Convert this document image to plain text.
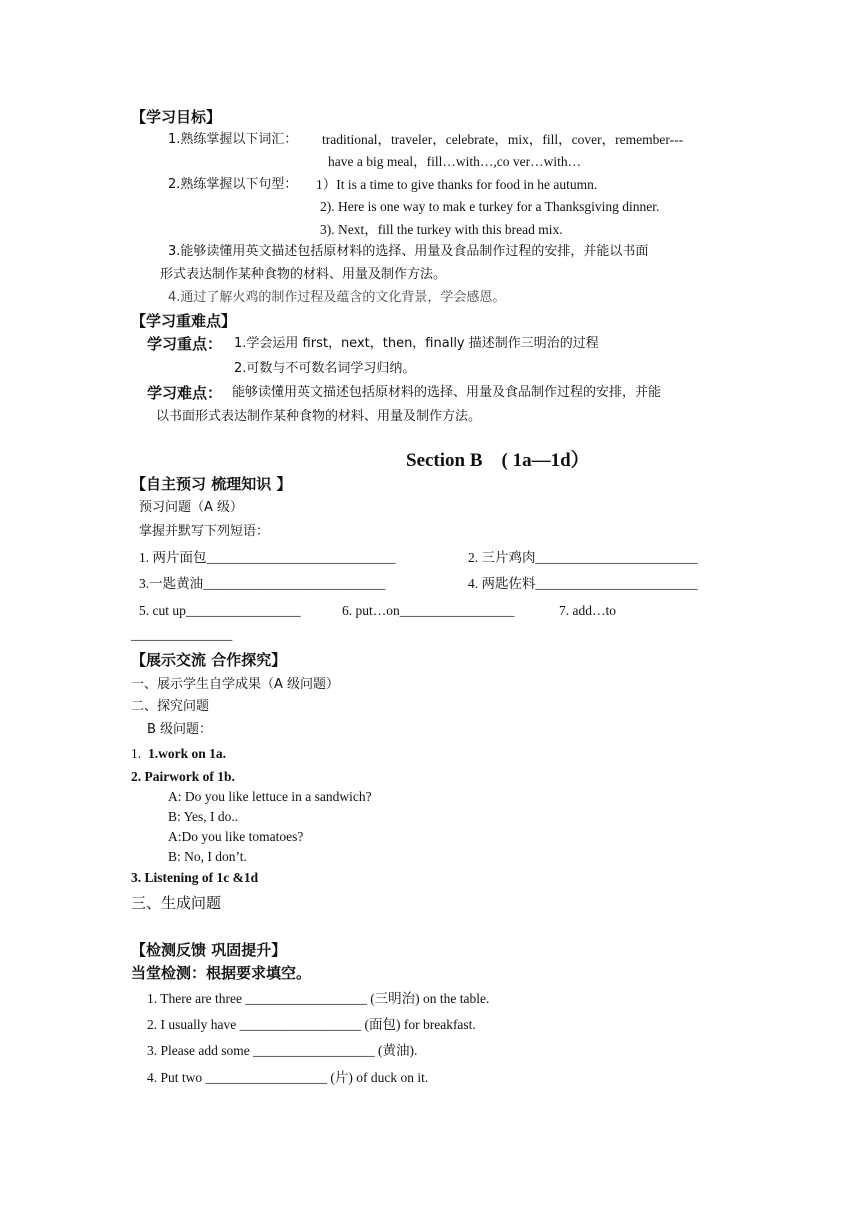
【学习目标】
1.熟练掌握以下词汇： traditional，traveler，celebrate，mix，fill，cover，remember---
have a big meal，fill…with…,co ver…with…
2.熟练掌握以下句型： 1）It is a time to give thanks for food in he autumn.
2). Here is one way to mak e turkey for a Thanksgiving dinner.
3). Next，fill the turkey with this bread mix.
3.能够读懂用英文描述包括原材料的选择、用量及食品制作过程的安排，并能以书面
形式表达制作某种食物的材料、用量及制作方法。
4.通过了解火鸡的制作过程及蕴含的文化背景，学会感恩。
【学习重难点】
学习重点： 1.学会运用 first，next，then，finally 描述制作三明治的过程
2.可数与不可数名词学习归纳。
学习难点： 能够读懂用英文描述包括原材料的选择、用量及食品制作过程的安排，并能
以书面形式表达制作某种食物的材料、用量及制作方法。
Section B　( 1a—1d）
【自主预习 梳理知识 】
预习问题（A 级）
掌握并默写下列短语：
1. 两片面包____________________________	2. 三片鸡肉________________________
3.一匙黄油___________________________	4. 两匙佐料________________________
5. cut up_________________	6. put…on_________________	7. add…to
_______________
【展示交流 合作探究】
一、展示学生自学成果（A 级问题）
二、探究问题
B 级问题：
1. 1.work on 1a.
2. Pairwork of 1b.
A: Do you like lettuce in a sandwich?
B: Yes, I do..
A:Do you like tomatoes?
B: No, I don’t.
3. Listening of 1c &1d
三、生成问题
【检测反馈 巩固提升】
当堂检测：根据要求填空。
1. There are three __________________ (三明治) on the table.
2. I usually have __________________ (面包) for breakfast.
3. Please add some __________________ (黄油).
4. Put two __________________ (片) of duck on it.
